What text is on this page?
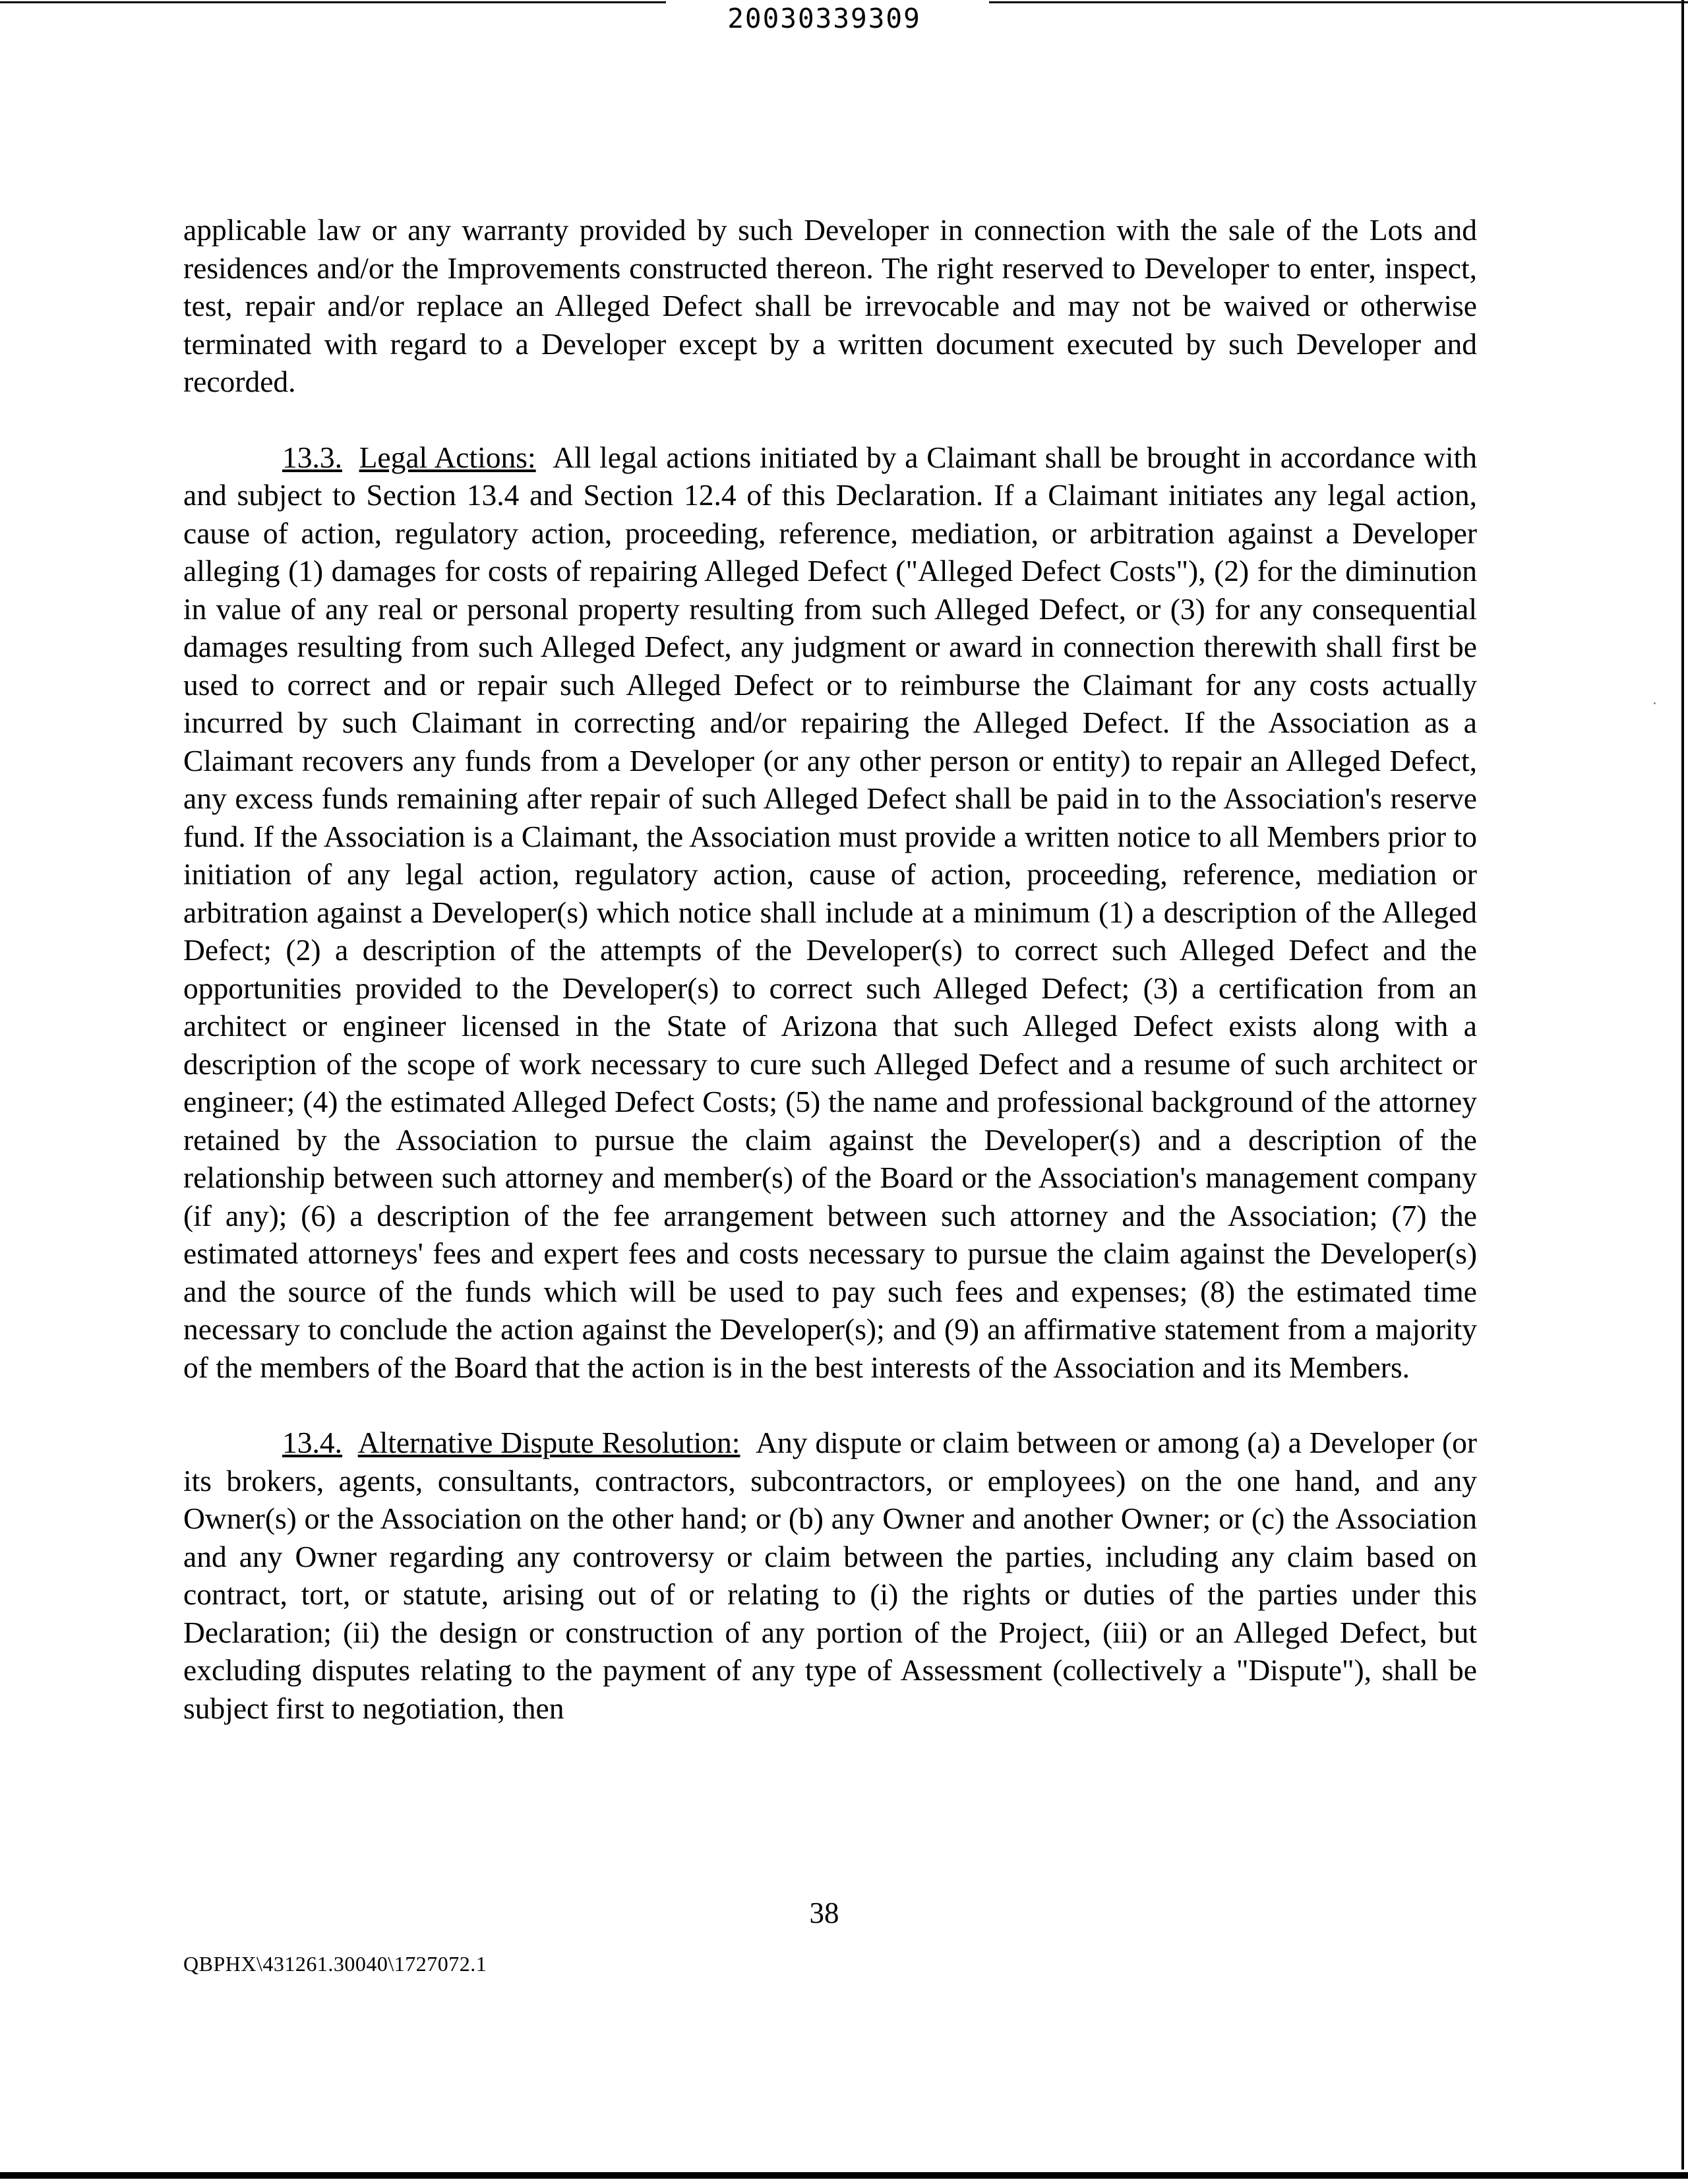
20030339309

applicable law or any warranty provided by such Developer in connection with the sale of the Lots and residences and/or the Improvements constructed thereon. The right reserved to Developer to enter, inspect, test, repair and/or replace an Alleged Defect shall be irrevocable and may not be waived or otherwise terminated with regard to a Developer except by a written document executed by such Developer and recorded.

13.3. Legal Actions: All legal actions initiated by a Claimant shall be brought in accordance with and subject to Section 13.4 and Section 12.4 of this Declaration. If a Claimant initiates any legal action, cause of action, regulatory action, proceeding, reference, mediation, or arbitration against a Developer alleging (1) damages for costs of repairing Alleged Defect ("Alleged Defect Costs"), (2) for the diminution in value of any real or personal property resulting from such Alleged Defect, or (3) for any consequential damages resulting from such Alleged Defect, any judgment or award in connection therewith shall first be used to correct and or repair such Alleged Defect or to reimburse the Claimant for any costs actually incurred by such Claimant in correcting and/or repairing the Alleged Defect. If the Association as a Claimant recovers any funds from a Developer (or any other person or entity) to repair an Alleged Defect, any excess funds remaining after repair of such Alleged Defect shall be paid in to the Association's reserve fund. If the Association is a Claimant, the Association must provide a written notice to all Members prior to initiation of any legal action, regulatory action, cause of action, proceeding, reference, mediation or arbitration against a Developer(s) which notice shall include at a minimum (1) a description of the Alleged Defect; (2) a description of the attempts of the Developer(s) to correct such Alleged Defect and the opportunities provided to the Developer(s) to correct such Alleged Defect; (3) a certification from an architect or engineer licensed in the State of Arizona that such Alleged Defect exists along with a description of the scope of work necessary to cure such Alleged Defect and a resume of such architect or engineer; (4) the estimated Alleged Defect Costs; (5) the name and professional background of the attorney retained by the Association to pursue the claim against the Developer(s) and a description of the relationship between such attorney and member(s) of the Board or the Association's management company (if any); (6) a description of the fee arrangement between such attorney and the Association; (7) the estimated attorneys' fees and expert fees and costs necessary to pursue the claim against the Developer(s) and the source of the funds which will be used to pay such fees and expenses; (8) the estimated time necessary to conclude the action against the Developer(s); and (9) an affirmative statement from a majority of the members of the Board that the action is in the best interests of the Association and its Members.

13.4. Alternative Dispute Resolution: Any dispute or claim between or among (a) a Developer (or its brokers, agents, consultants, contractors, subcontractors, or employees) on the one hand, and any Owner(s) or the Association on the other hand; or (b) any Owner and another Owner; or (c) the Association and any Owner regarding any controversy or claim between the parties, including any claim based on contract, tort, or statute, arising out of or relating to (i) the rights or duties of the parties under this Declaration; (ii) the design or construction of any portion of the Project, (iii) or an Alleged Defect, but excluding disputes relating to the payment of any type of Assessment (collectively a "Dispute"), shall be subject first to negotiation, then

38
QBPHX\431261.30040\1727072.1
